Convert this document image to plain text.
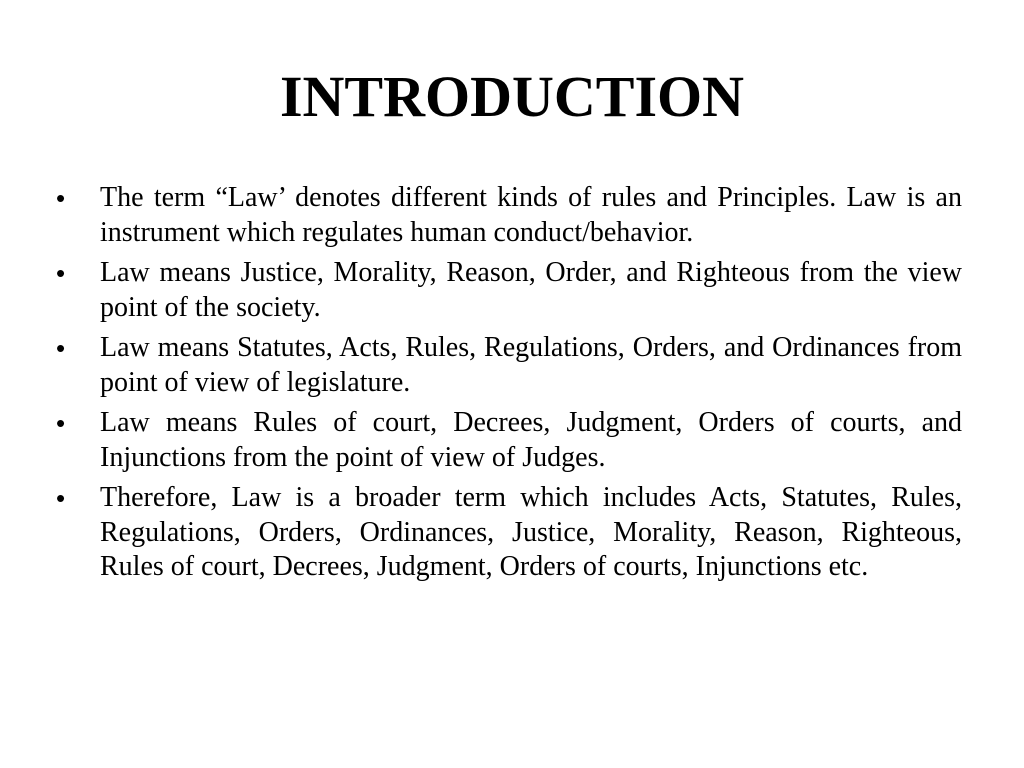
INTRODUCTION
•	The term “Law’ denotes different kinds of rules and Principles. Law is an instrument which regulates human conduct/behavior.
•	Law means Justice, Morality, Reason, Order, and Righteous from the view point of the society.
•	Law means Statutes, Acts, Rules, Regulations, Orders, and Ordinances from point of view of legislature.
•	Law means Rules of court, Decrees, Judgment, Orders of courts, and Injunctions from the point of view of Judges.
•	Therefore, Law is a broader term which includes Acts, Statutes, Rules, Regulations, Orders, Ordinances, Justice, Morality, Reason, Righteous, Rules of court, Decrees, Judgment, Orders of courts, Injunctions etc.
